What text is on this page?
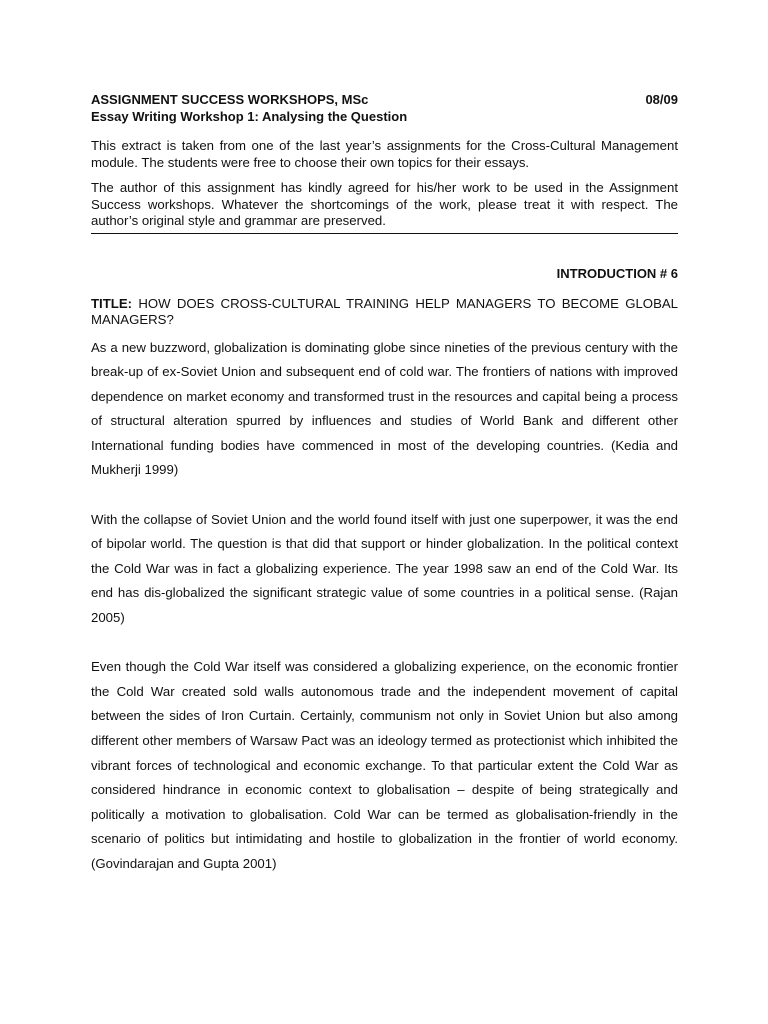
ASSIGNMENT SUCCESS WORKSHOPS, MSc	08/09
Essay Writing Workshop 1: Analysing the Question

This extract is taken from one of the last year’s assignments for the Cross-Cultural Management module. The students were free to choose their own topics for their essays.

The author of this assignment has kindly agreed for his/her work to be used in the Assignment Success workshops. Whatever the shortcomings of the work, please treat it with respect. The author’s original style and grammar are preserved.

INTRODUCTION # 6
TITLE: HOW DOES CROSS-CULTURAL TRAINING HELP MANAGERS TO BECOME GLOBAL MANAGERS?

As a new buzzword, globalization is dominating globe since nineties of the previous century with the break-up of ex-Soviet Union and subsequent end of cold war. The frontiers of nations with improved dependence on market economy and transformed trust in the resources and capital being a process of structural alteration spurred by influences and studies of World Bank and different other International funding bodies have commenced in most of the developing countries. (Kedia and Mukherji 1999)

With the collapse of Soviet Union and the world found itself with just one superpower, it was the end of bipolar world. The question is that did that support or hinder globalization. In the political context the Cold War was in fact a globalizing experience. The year 1998 saw an end of the Cold War. Its end has dis-globalized the significant strategic value of some countries in a political sense. (Rajan 2005)

Even though the Cold War itself was considered a globalizing experience, on the economic frontier the Cold War created sold walls autonomous trade and the independent movement of capital between the sides of Iron Curtain. Certainly, communism not only in Soviet Union but also among different other members of Warsaw Pact was an ideology termed as protectionist which inhibited the vibrant forces of technological and economic exchange. To that particular extent the Cold War as considered hindrance in economic context to globalisation – despite of being strategically and politically a motivation to globalisation. Cold War can be termed as globalisation-friendly in the scenario of politics but intimidating and hostile to globalization in the frontier of world economy. (Govindarajan and Gupta 2001)
